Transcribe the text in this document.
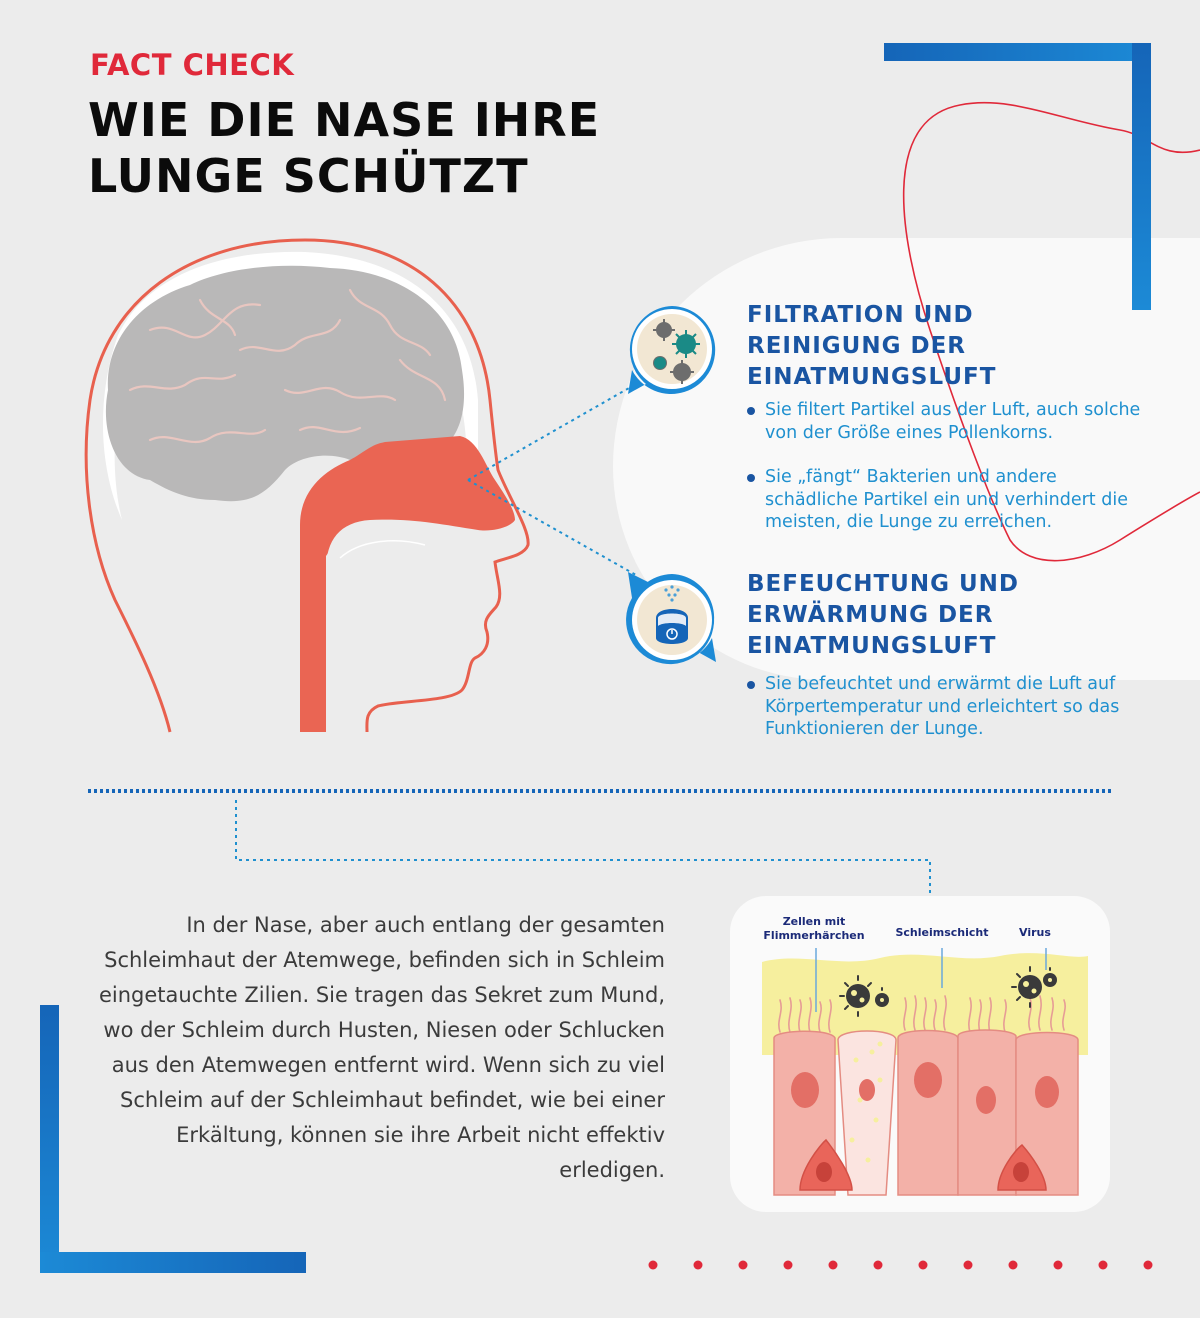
FACT CHECK
WIE DIE NASE IHRE
LUNGE SCHÜTZT
FILTRATION UND
REINIGUNG DER
EINATMUNGSLUFT
Sie filtert Partikel aus der Luft, auch solche von der Größe eines Pollenkorns.
Sie „fängt“ Bakterien und andere schädliche Partikel ein und verhindert die meisten, die Lunge zu erreichen.
BEFEUCHTUNG UND
ERWÄRMUNG DER
EINATMUNGSLUFT
Sie befeuchtet und erwärmt die Luft auf Körpertemperatur und erleichtert so das Funktionieren der Lunge.

In der Nase, aber auch entlang der gesamten Schleimhaut der Atemwege, befinden sich in Schleim eingetauchte Zilien. Sie tragen das Sekret zum Mund, wo der Schleim durch Husten, Niesen oder Schlucken aus den Atemwegen entfernt wird. Wenn sich zu viel Schleim auf der Schleimhaut befindet, wie bei einer Erkältung, können sie ihre Arbeit nicht effektiv erledigen.

Zellen mit
Flimmerhärchen	Schleimschicht	Virus
